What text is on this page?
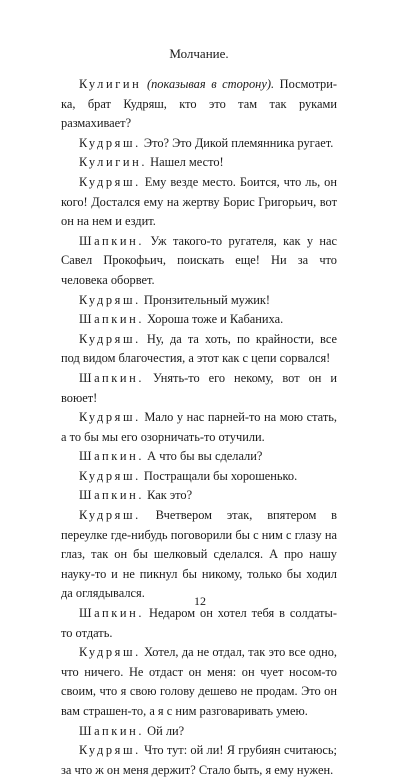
Молчание.

Кулигин (показывая в сторону). Посмотри-ка, брат Кудряш, кто это там так руками размахивает?

Кудряш. Это? Это Дикой племянника ругает.

Кулигин. Нашел место!

Кудряш. Ему везде место. Боится, что ль, он кого! Достался ему на жертву Борис Григорьич, вот он на нем и ездит.

Шапкин. Уж такого-то ругателя, как у нас Савел Прокофьич, поискать еще! Ни за что человека оборвет.

Кудряш. Пронзительный мужик!

Шапкин. Хороша тоже и Кабаниха.

Кудряш. Ну, да та хоть, по крайности, все под видом благочестия, а этот как с цепи сорвался!

Шапкин. Унять-то его некому, вот он и воюет!

Кудряш. Мало у нас парней-то на мою стать, а то бы мы его озорничать-то отучили.

Шапкин. А что бы вы сделали?

Кудряш. Постращали бы хорошенько.

Шапкин. Как это?

Кудряш. Вчетвером этак, впятером в переулке где-нибудь поговорили бы с ним с глазу на глаз, так он бы шелковый сделался. А про нашу науку-то и не пикнул бы никому, только бы ходил да оглядывался.

Шапкин. Недаром он хотел тебя в солдаты-то отдать.

Кудряш. Хотел, да не отдал, так это все одно, что ничего. Не отдаст он меня: он чует носом-то своим, что я свою голову дешево не продам. Это он вам страшен-то, а я с ним разговаривать умею.

Шапкин. Ой ли?

Кудряш. Что тут: ой ли! Я грубиян считаюсь; за что ж он меня держит? Стало быть, я ему нужен.

12
